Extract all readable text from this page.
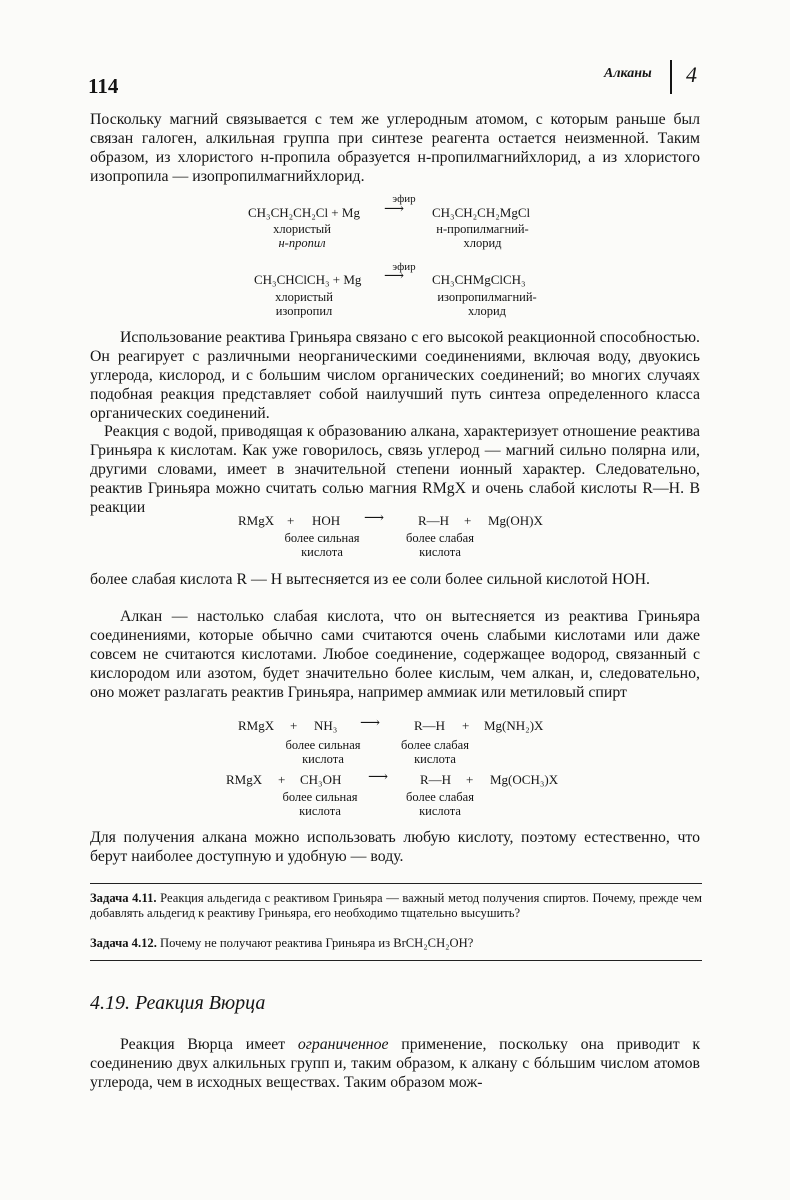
114
Алканы 4
Поскольку магний связывается с тем же углеродным атомом, с которым раньше был связан галоген, алкильная группа при синтезе реагента остается неизменной. Таким образом, из хлористого н-пропила образуется н-пропилмагнийхлорид, а из хлористого изопропила — изопропилмагнийхлорид.
CH₃CH₂CH₂Cl + Mg
эфир
⟶ CH₃CH₂CH₂MgCl
хлористый
н-пропил
н-пропилмагний-
хлорид
CH₃CHClCH₃ + Mg
эфир
⟶ CH₃CHMgClCH₃
хлористый
изопропил
изопропилмагний-
хлорид
Использование реактива Гриньяра связано с его высокой реакционной способностью. Он реагирует с различными неорганическими соединениями, включая воду, двуокись углерода, кислород, и с большим числом органических соединений; во многих случаях подобная реакция представляет собой наилучший путь синтеза определенного класса органических соединений.
Реакция с водой, приводящая к образованию алкана, характеризует отношение реактива Гриньяра к кислотам. Как уже говорилось, связь углерод — магний сильно полярна или, другими словами, имеет в значительной степени ионный характер. Следовательно, реактив Гриньяра можно считать солью магния RMgX и очень слабой кислоты R—H. В реакции
RMgX + HOH ⟶	R—H + Mg(OH)X
более сильная
кислота
более слабая
кислота
более слабая кислота R — H вытесняется из ее соли более сильной кислотой HOH.
Алкан — настолько слабая кислота, что он вытесняется из реактива Гриньяра соединениями, которые обычно сами считаются очень слабыми кислотами или даже совсем не считаются кислотами. Любое соединение, содержащее водород, связанный с кислородом или азотом, будет значительно более кислым, чем алкан, и, следовательно, оно может разлагать реактив Гриньяра, например аммиак или метиловый спирт
RMgX + NH₃ ⟶	R—H + Mg(NH₂)X
более сильная
кислота
более слабая
кислота
RMgX + CH₃OH ⟶ R—H + Mg(OCH₃)X
более сильная
кислота
более слабая
кислота
Для получения алкана можно использовать любую кислоту, поэтому естественно, что берут наиболее доступную и удобную — воду.
Задача 4.11. Реакция альдегида с реактивом Гриньяра — важный метод получения спиртов. Почему, прежде чем добавлять альдегид к реактиву Гриньяра, его необходимо тщательно высушить?
Задача 4.12. Почему не получают реактива Гриньяра из BrCH₂CH₂OH?
4.19. Реакция Вюрца
Реакция Вюрца имеет ограниченное применение, поскольку она приводит к соединению двух алкильных групп и, таким образом, к алкану с бóльшим числом атомов углерода, чем в исходных веществах. Таким образом мож-
